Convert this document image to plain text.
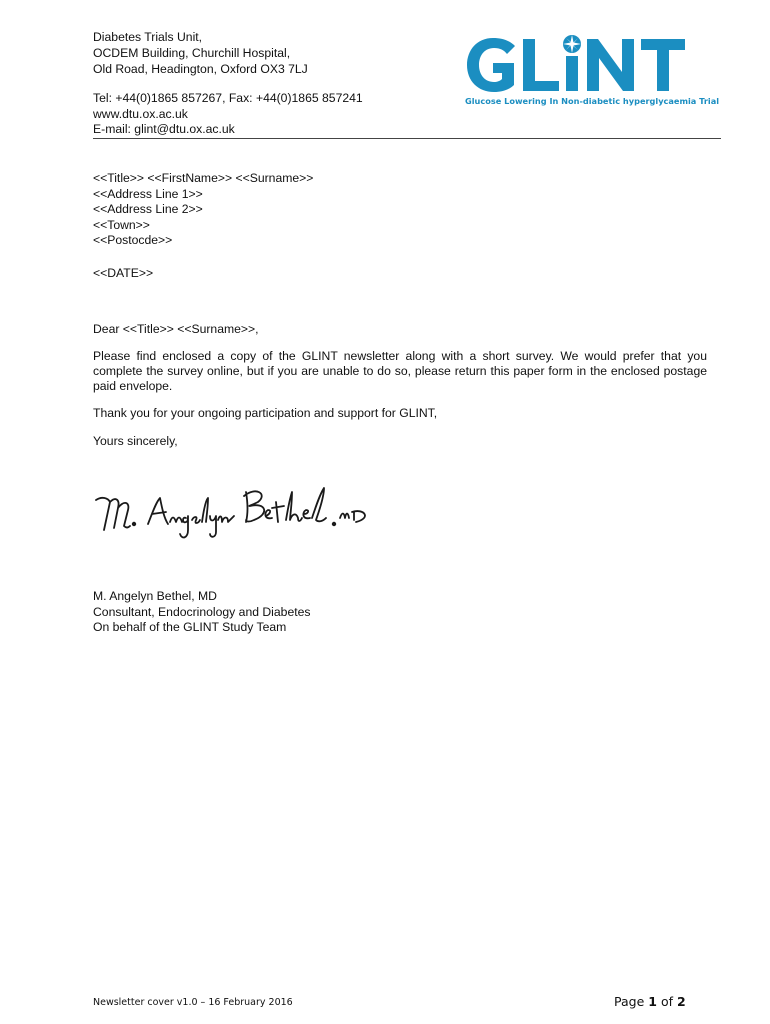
Diabetes Trials Unit,
OCDEM Building, Churchill Hospital,
Old Road, Headington, Oxford OX3 7LJ
Tel: +44(0)1865 857267, Fax: +44(0)1865 857241
www.dtu.ox.ac.uk
E-mail: glint@dtu.ox.ac.uk
Glucose Lowering In Non-diabetic hyperglycaemia Trial
<<Title>> <<FirstName>> <<Surname>>
<<Address Line 1>>
<<Address Line 2>>
<<Town>>
<<Postocde>>
<<DATE>>
Dear <<Title>> <<Surname>>,
Please find enclosed a copy of the GLINT newsletter along with a short survey. We would prefer that you complete the survey online, but if you are unable to do so, please return this paper form in the enclosed postage paid envelope.
Thank you for your ongoing participation and support for GLINT,
Yours sincerely,
M. Angelyn Bethel, MD
Consultant, Endocrinology and Diabetes
On behalf of the GLINT Study Team
Newsletter cover v1.0 – 16 February 2016	Page 1 of 2
